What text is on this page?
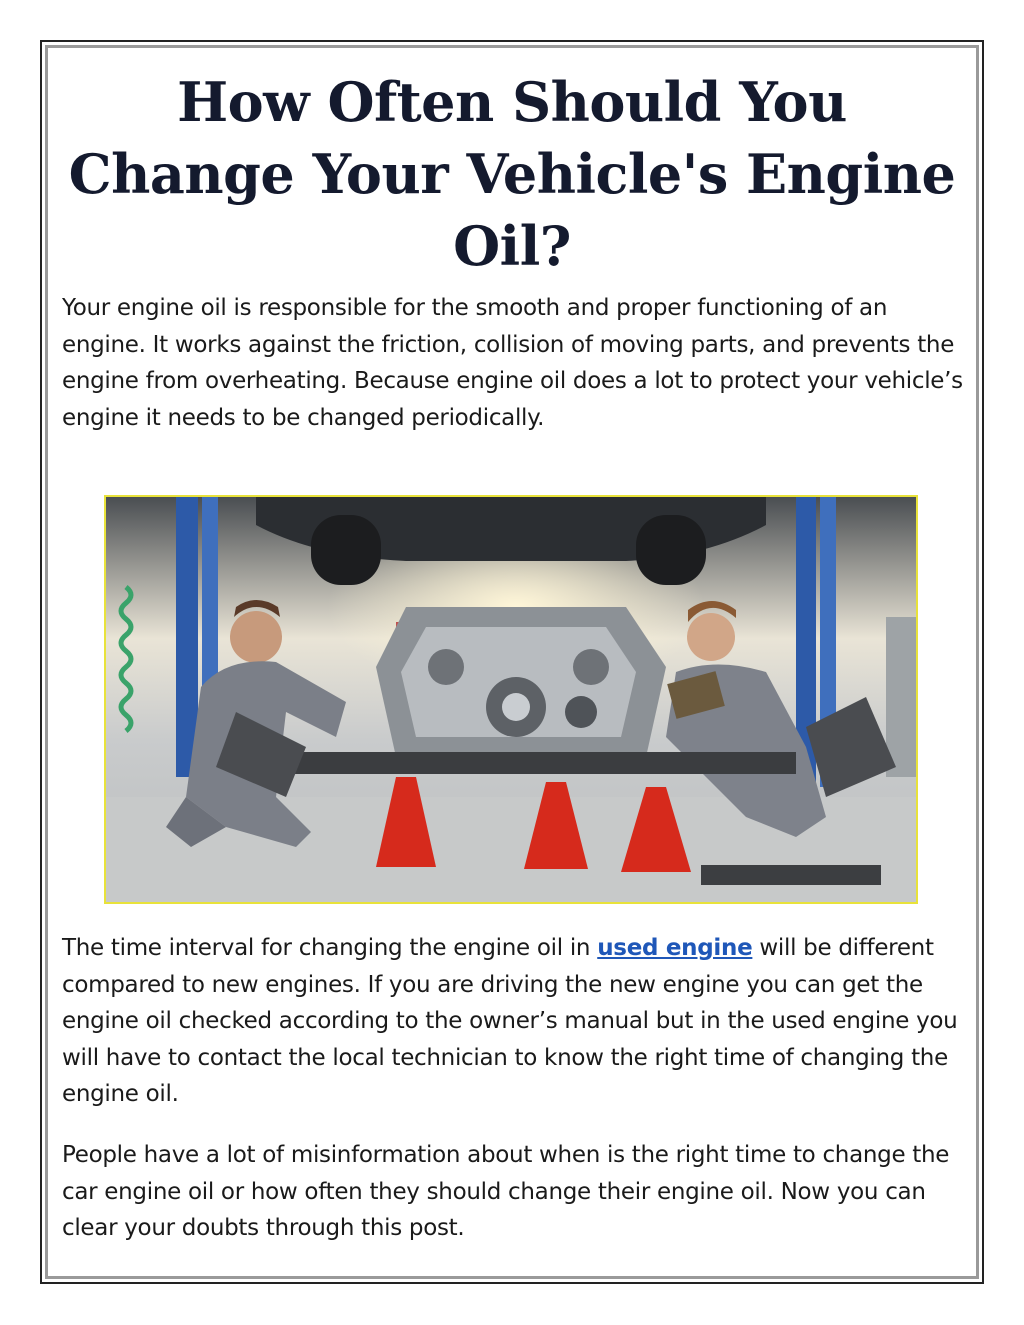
How Often Should You Change Your Vehicle's Engine Oil?

Your engine oil is responsible for the smooth and proper functioning of an engine. It works against the friction, collision of moving parts, and prevents the engine from overheating. Because engine oil does a lot to protect your vehicle’s engine it needs to be changed periodically.

The time interval for changing the engine oil in used engine will be different compared to new engines. If you are driving the new engine you can get the engine oil checked according to the owner’s manual but in the used engine you will have to contact the local technician to know the right time of changing the engine oil.

People have a lot of misinformation about when is the right time to change the car engine oil or how often they should change their engine oil. Now you can clear your doubts through this post.
